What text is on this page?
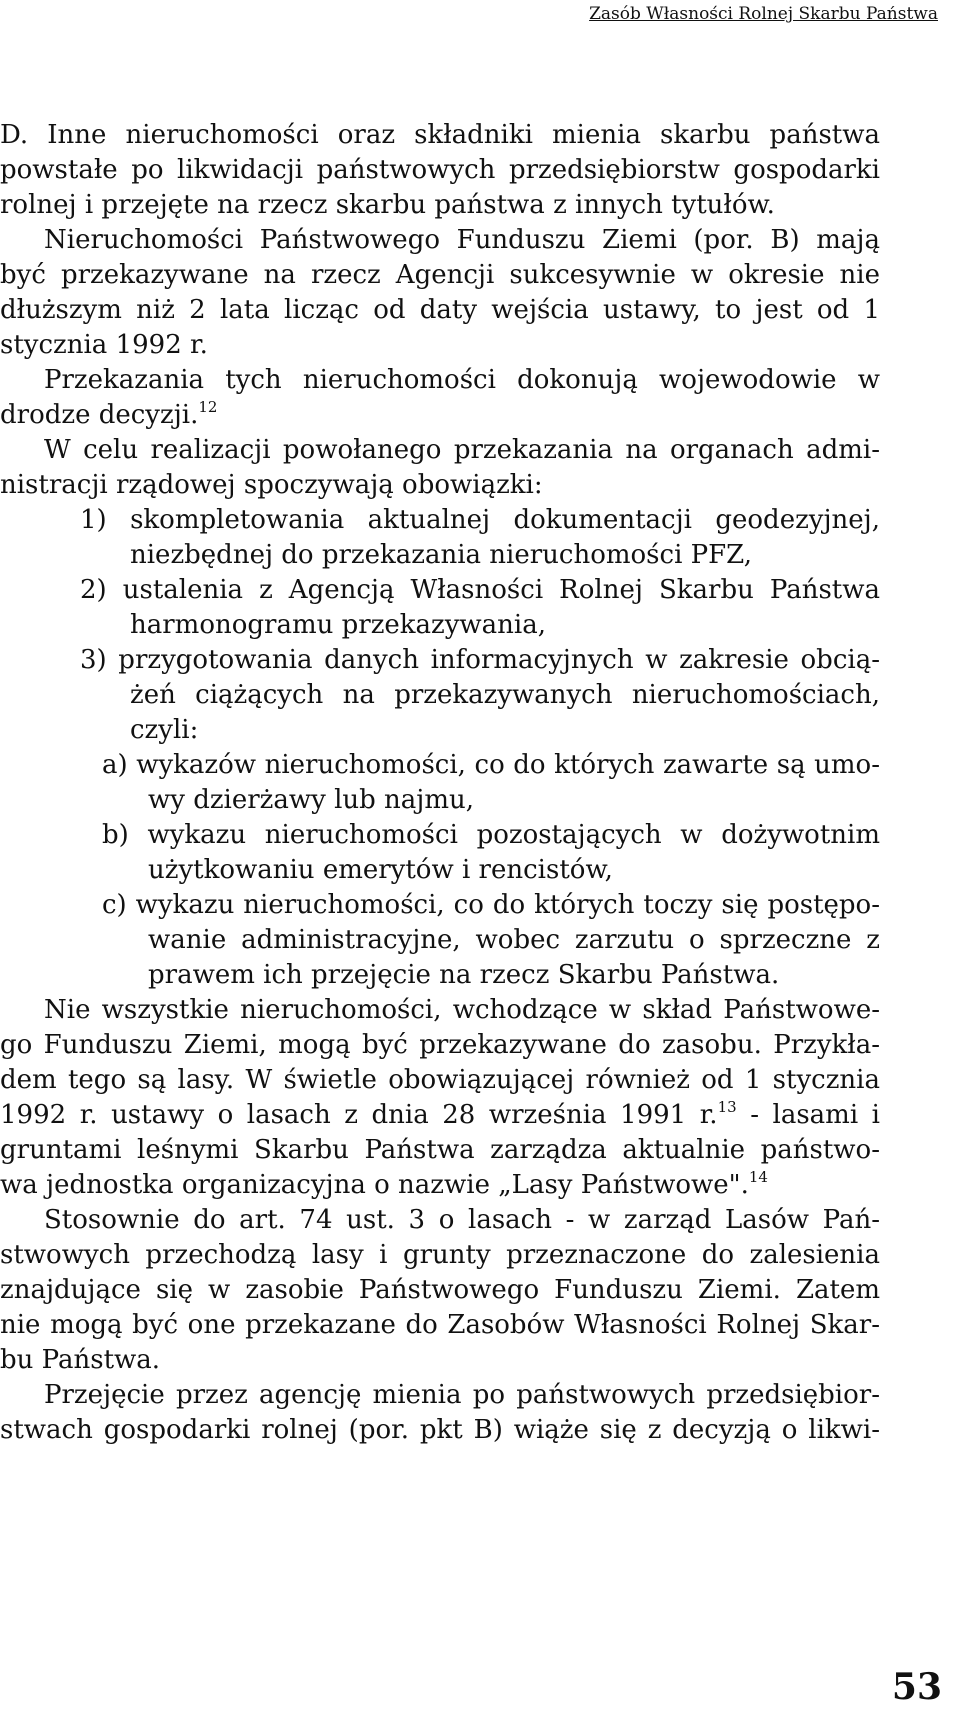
Zasób Własności Rolnej Skarbu Państwa
D. Inne nieruchomości oraz składniki mienia skarbu państwa
powstałe po likwidacji państwowych przedsiębiorstw gospodarki
rolnej i przejęte na rzecz skarbu państwa z innych tytułów.
Nieruchomości Państwowego Funduszu Ziemi (por. B) mają
być przekazywane na rzecz Agencji sukcesywnie w okresie nie
dłuższym niż 2 lata licząc od daty wejścia ustawy, to jest od 1
stycznia 1992 r.
Przekazania tych nieruchomości dokonują wojewodowie w
drodze decyzji.$^{12}$
W celu realizacji powołanego przekazania na organach admi-
nistracji rządowej spoczywają obowiązki:
1) skompletowania aktualnej dokumentacji geodezyjnej,
niezbędnej do przekazania nieruchomości PFZ,
2) ustalenia z Agencją Własności Rolnej Skarbu Państwa
harmonogramu przekazywania,
3) przygotowania danych informacyjnych w zakresie obcią-
żeń ciążących na przekazywanych nieruchomościach,
czyli:
a) wykazów nieruchomości, co do których zawarte są umo-
wy dzierżawy lub najmu,
b) wykazu nieruchomości pozostających w dożywotnim
użytkowaniu emerytów i rencistów,
c) wykazu nieruchomości, co do których toczy się postępo-
wanie administracyjne, wobec zarzutu o sprzeczne z
prawem ich przejęcie na rzecz Skarbu Państwa.
Nie wszystkie nieruchomości, wchodzące w skład Państwowe-
go Funduszu Ziemi, mogą być przekazywane do zasobu. Przykła-
dem tego są lasy. W świetle obowiązującej również od 1 stycznia
1992 r. ustawy o lasach z dnia 28 września 1991 r.$^{13}$ - lasami i
gruntami leśnymi Skarbu Państwa zarządza aktualnie państwo-
wa jednostka organizacyjna o nazwie „Lasy Państwowe".$^{14}$
Stosownie do art. 74 ust. 3 o lasach - w zarząd Lasów Pań-
stwowych przechodzą lasy i grunty przeznaczone do zalesienia
znajdujące się w zasobie Państwowego Funduszu Ziemi. Zatem
nie mogą być one przekazane do Zasobów Własności Rolnej Skar-
bu Państwa.
Przejęcie przez agencję mienia po państwowych przedsiębior-
stwach gospodarki rolnej (por. pkt B) wiąże się z decyzją o likwi-
53
